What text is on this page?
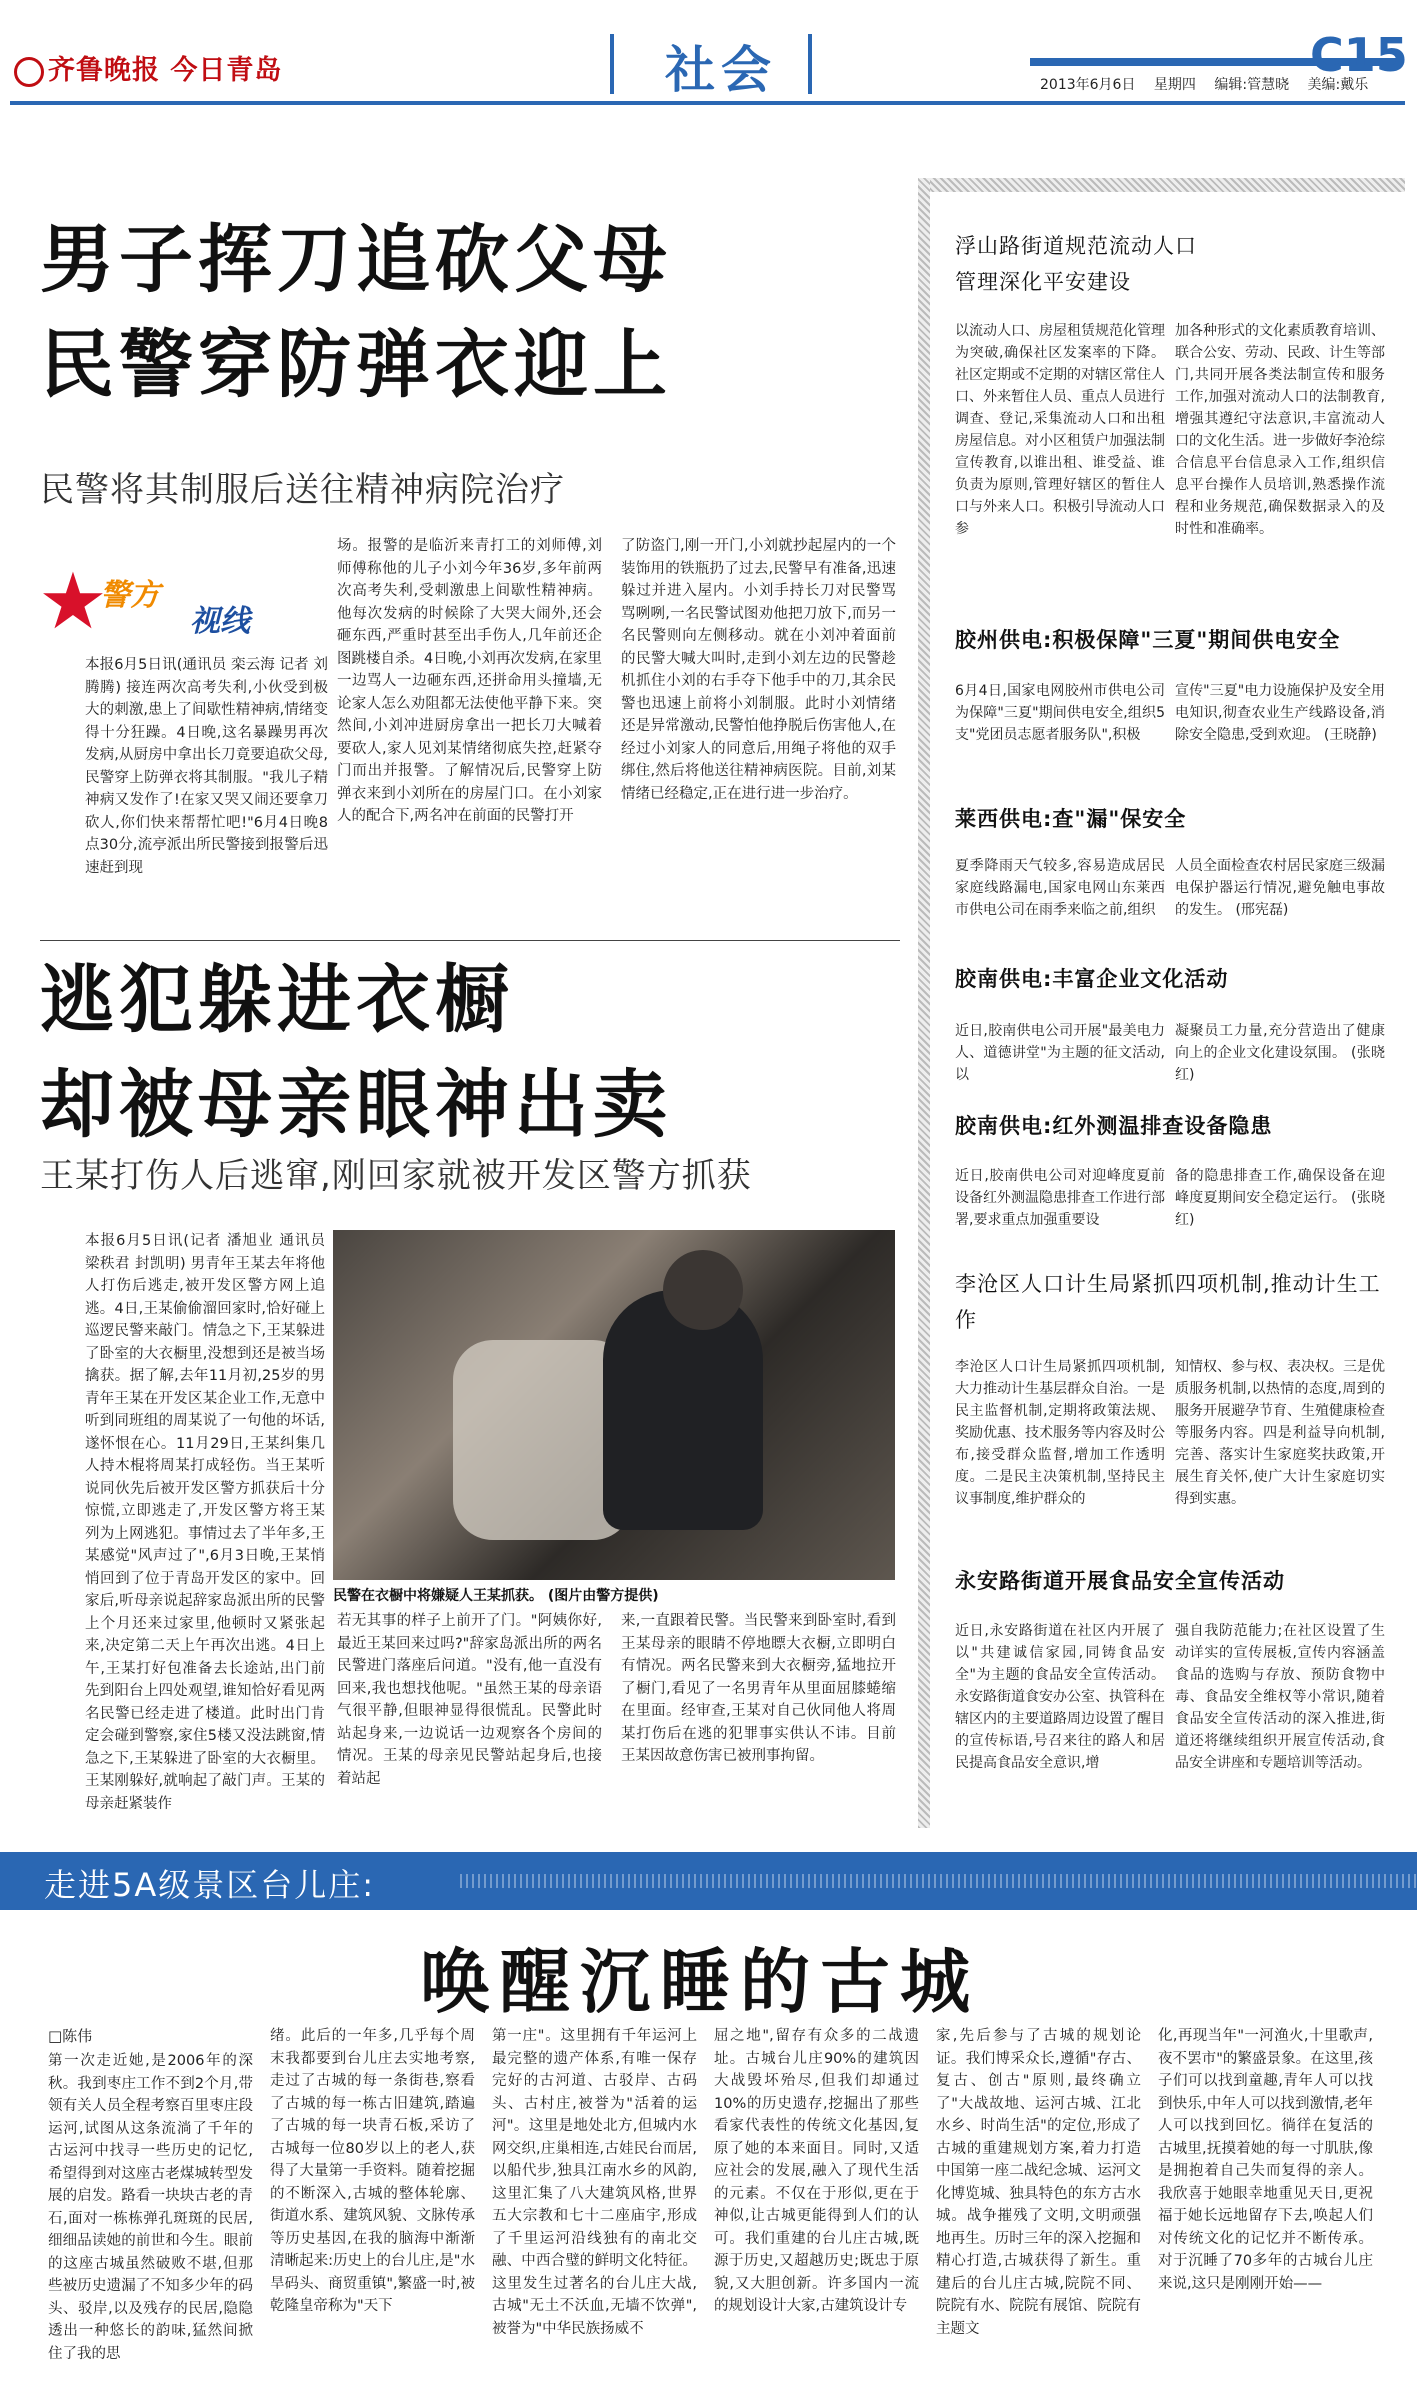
齐鲁晚报 今日青岛	社会	C15
2013年6月6日 星期四 编辑:管慧晓 美编:戴乐
男子挥刀追砍父母
民警穿防弹衣迎上
民警将其制服后送往精神病院治疗
★
警方
视线
本报6月5日讯(通讯员 栾云海 记者 刘腾腾) 接连两次高考失利,小伙受到极大的刺激,患上了间歇性精神病,情绪变得十分狂躁。4日晚,这名暴躁男再次发病,从厨房中拿出长刀竟要追砍父母,民警穿上防弹衣将其制服。"我儿子精神病又发作了!在家又哭又闹还要拿刀砍人,你们快来帮帮忙吧!"6月4日晚8点30分,流亭派出所民警接到报警后迅速赶到现
场。报警的是临沂来青打工的刘师傅,刘师傅称他的儿子小刘今年36岁,多年前两次高考失利,受刺激患上间歇性精神病。他每次发病的时候除了大哭大闹外,还会砸东西,严重时甚至出手伤人,几年前还企图跳楼自杀。4日晚,小刘再次发病,在家里一边骂人一边砸东西,还拼命用头撞墙,无论家人怎么劝阻都无法使他平静下来。突然间,小刘冲进厨房拿出一把长刀大喊着要砍人,家人见刘某情绪彻底失控,赶紧夺门而出并报警。了解情况后,民警穿上防弹衣来到小刘所在的房屋门口。在小刘家人的配合下,两名冲在前面的民警打开
了防盗门,刚一开门,小刘就抄起屋内的一个装饰用的铁瓶扔了过去,民警早有准备,迅速躲过并进入屋内。小刘手持长刀对民警骂骂咧咧,一名民警试图劝他把刀放下,而另一名民警则向左侧移动。就在小刘冲着面前的民警大喊大叫时,走到小刘左边的民警趁机抓住小刘的右手夺下他手中的刀,其余民警也迅速上前将小刘制服。此时小刘情绪还是异常激动,民警怕他挣脱后伤害他人,在经过小刘家人的同意后,用绳子将他的双手绑住,然后将他送往精神病医院。目前,刘某情绪已经稳定,正在进行进一步治疗。
逃犯躲进衣橱
却被母亲眼神出卖
王某打伤人后逃窜,刚回家就被开发区警方抓获
本报6月5日讯(记者 潘旭业 通讯员 梁秩君 封凯明) 男青年王某去年将他人打伤后逃走,被开发区警方网上追逃。4日,王某偷偷溜回家时,恰好碰上巡逻民警来敲门。情急之下,王某躲进了卧室的大衣橱里,没想到还是被当场擒获。据了解,去年11月初,25岁的男青年王某在开发区某企业工作,无意中听到同班组的周某说了一句他的坏话,遂怀恨在心。11月29日,王某纠集几人持木棍将周某打成轻伤。当王某听说同伙先后被开发区警方抓获后十分惊慌,立即逃走了,开发区警方将王某列为上网逃犯。事情过去了半年多,王某感觉"风声过了",6月3日晚,王某悄悄回到了位于青岛开发区的家中。回家后,听母亲说起辞家岛派出所的民警上个月还来过家里,他顿时又紧张起来,决定第二天上午再次出逃。4日上午,王某打好包准备去长途站,出门前先到阳台上四处观望,谁知恰好看见两名民警已经走进了楼道。此时出门肯定会碰到警察,家住5楼又没法跳窗,情急之下,王某躲进了卧室的大衣橱里。王某刚躲好,就响起了敲门声。王某的母亲赶紧装作
民警在衣橱中将嫌疑人王某抓获。 (图片由警方提供)
若无其事的样子上前开了门。"阿姨你好,最近王某回来过吗?"辞家岛派出所的两名民警进门落座后问道。"没有,他一直没有回来,我也想找他呢。"虽然王某的母亲语气很平静,但眼神显得很慌乱。民警此时站起身来,一边说话一边观察各个房间的情况。王某的母亲见民警站起身后,也接着站起
来,一直跟着民警。当民警来到卧室时,看到王某母亲的眼睛不停地瞟大衣橱,立即明白有情况。两名民警来到大衣橱旁,猛地拉开了橱门,看见了一名男青年从里面屈膝蜷缩在里面。经审查,王某对自己伙同他人将周某打伤后在逃的犯罪事实供认不讳。目前王某因故意伤害已被刑事拘留。
浮山路街道规范流动人口管理深化平安建设
以流动人口、房屋租赁规范化管理为突破,确保社区发案率的下降。社区定期或不定期的对辖区常住人口、外来暂住人员、重点人员进行调查、登记,采集流动人口和出租房屋信息。对小区租赁户加强法制宣传教育,以谁出租、谁受益、谁负责为原则,管理好辖区的暂住人口与外来人口。积极引导流动人口参
加各种形式的文化素质教育培训、联合公安、劳动、民政、计生等部门,共同开展各类法制宣传和服务工作,加强对流动人口的法制教育,增强其遵纪守法意识,丰富流动人口的文化生活。进一步做好李沧综合信息平台信息录入工作,组织信息平台操作人员培训,熟悉操作流程和业务规范,确保数据录入的及时性和准确率。
胶州供电:积极保障"三夏"期间供电安全
6月4日,国家电网胶州市供电公司为保障"三夏"期间供电安全,组织5支"党团员志愿者服务队",积极
宣传"三夏"电力设施保护及安全用电知识,彻查农业生产线路设备,消除安全隐患,受到欢迎。 (王晓静)
莱西供电:查"漏"保安全
夏季降雨天气较多,容易造成居民家庭线路漏电,国家电网山东莱西市供电公司在雨季来临之前,组织
人员全面检查农村居民家庭三级漏电保护器运行情况,避免触电事故的发生。 (邢宪磊)
胶南供电:丰富企业文化活动
近日,胶南供电公司开展"最美电力人、道德讲堂"为主题的征文活动,以
凝聚员工力量,充分营造出了健康向上的企业文化建设氛围。 (张晓红)
胶南供电:红外测温排查设备隐患
近日,胶南供电公司对迎峰度夏前设备红外测温隐患排查工作进行部署,要求重点加强重要设
备的隐患排查工作,确保设备在迎峰度夏期间安全稳定运行。 (张晓红)
李沧区人口计生局紧抓四项机制,推动计生工作
李沧区人口计生局紧抓四项机制,大力推动计生基层群众自治。一是民主监督机制,定期将政策法规、奖励优惠、技术服务等内容及时公布,接受群众监督,增加工作透明度。二是民主决策机制,坚持民主议事制度,维护群众的
知情权、参与权、表决权。三是优质服务机制,以热情的态度,周到的服务开展避孕节育、生殖健康检查等服务内容。四是利益导向机制,完善、落实计生家庭奖扶政策,开展生育关怀,使广大计生家庭切实得到实惠。
永安路街道开展食品安全宣传活动
近日,永安路街道在社区内开展了以"共建诚信家园,同铸食品安全"为主题的食品安全宣传活动。永安路街道食安办公室、执管科在辖区内的主要道路周边设置了醒目的宣传标语,号召来往的路人和居民提高食品安全意识,增
强自我防范能力;在社区设置了生动详实的宣传展板,宣传内容涵盖食品的选购与存放、预防食物中毒、食品安全维权等小常识,随着食品安全宣传活动的深入推进,街道还将继续组织开展宣传活动,食品安全讲座和专题培训等活动。
走进5A级景区台儿庄:
唤醒沉睡的古城
□陈伟
第一次走近她,是2006年的深秋。我到枣庄工作不到2个月,带领有关人员全程考察百里枣庄段运河,试图从这条流淌了千年的古运河中找寻一些历史的记忆,希望得到对这座古老煤城转型发展的启发。路看一块块古老的青石,面对一栋栋弹孔斑斑的民居,细细品读她的前世和今生。眼前的这座古城虽然破败不堪,但那些被历史遗漏了不知多少年的码头、驳岸,以及残存的民居,隐隐透出一种悠长的韵味,猛然间掀住了我的思
绪。此后的一年多,几乎每个周末我都要到台儿庄去实地考察,走过了古城的每一条街巷,察看了古城的每一栋古旧建筑,踏遍了古城的每一块青石板,采访了古城每一位80岁以上的老人,获得了大量第一手资料。随着挖掘的不断深入,古城的整体轮廓、街道水系、建筑风貌、文脉传承等历史基因,在我的脑海中渐渐清晰起来:历史上的台儿庄,是"水旱码头、商贸重镇",繁盛一时,被乾隆皇帝称为"天下
第一庄"。这里拥有千年运河上最完整的遗产体系,有唯一保存完好的古河道、古驳岸、古码头、古村庄,被誉为"活着的运河"。这里是地处北方,但城内水网交织,庄巢相连,古娃民台而居,以船代步,独具江南水乡的风韵,这里汇集了八大建筑风格,世界五大宗教和七十二座庙宇,形成了千里运河沿线独有的南北交融、中西合璧的鲜明文化特征。这里发生过著名的台儿庄大战,古城"无土不沃血,无墙不饮弹",被誉为"中华民族扬威不
屈之地",留存有众多的二战遗址。古城台儿庄90%的建筑因大战毁坏殆尽,但我们却通过10%的历史遗存,挖掘出了那些看家代表性的传统文化基因,复原了她的本来面目。同时,又适应社会的发展,融入了现代生活的元素。不仅在于形似,更在于神似,让古城更能得到人们的认可。我们重建的台儿庄古城,既源于历史,又超越历史;既忠于原貌,又大胆创新。许多国内一流的规划设计大家,古建筑设计专
家,先后参与了古城的规划论证。我们博采众长,遵循"存古、复古、创古"原则,最终确立了"大战故地、运河古城、江北水乡、时尚生活"的定位,形成了古城的重建规划方案,着力打造中国第一座二战纪念城、运河文化博览城、独具特色的东方古水城。战争摧残了文明,文明顽强地再生。历时三年的深入挖掘和精心打造,古城获得了新生。重建后的台儿庄古城,院院不同、院院有水、院院有展馆、院院有主题文
化,再现当年"一河渔火,十里歌声,夜不罢市"的繁盛景象。在这里,孩子们可以找到童趣,青年人可以找到快乐,中年人可以找到激情,老年人可以找到回忆。徜徉在复活的古城里,抚摸着她的每一寸肌肤,像是拥抱着自己失而复得的亲人。我欣喜于她眼幸地重见天日,更祝福于她长远地留存下去,唤起人们对传统文化的记忆并不断传承。对于沉睡了70多年的古城台儿庄来说,这只是刚刚开始——
